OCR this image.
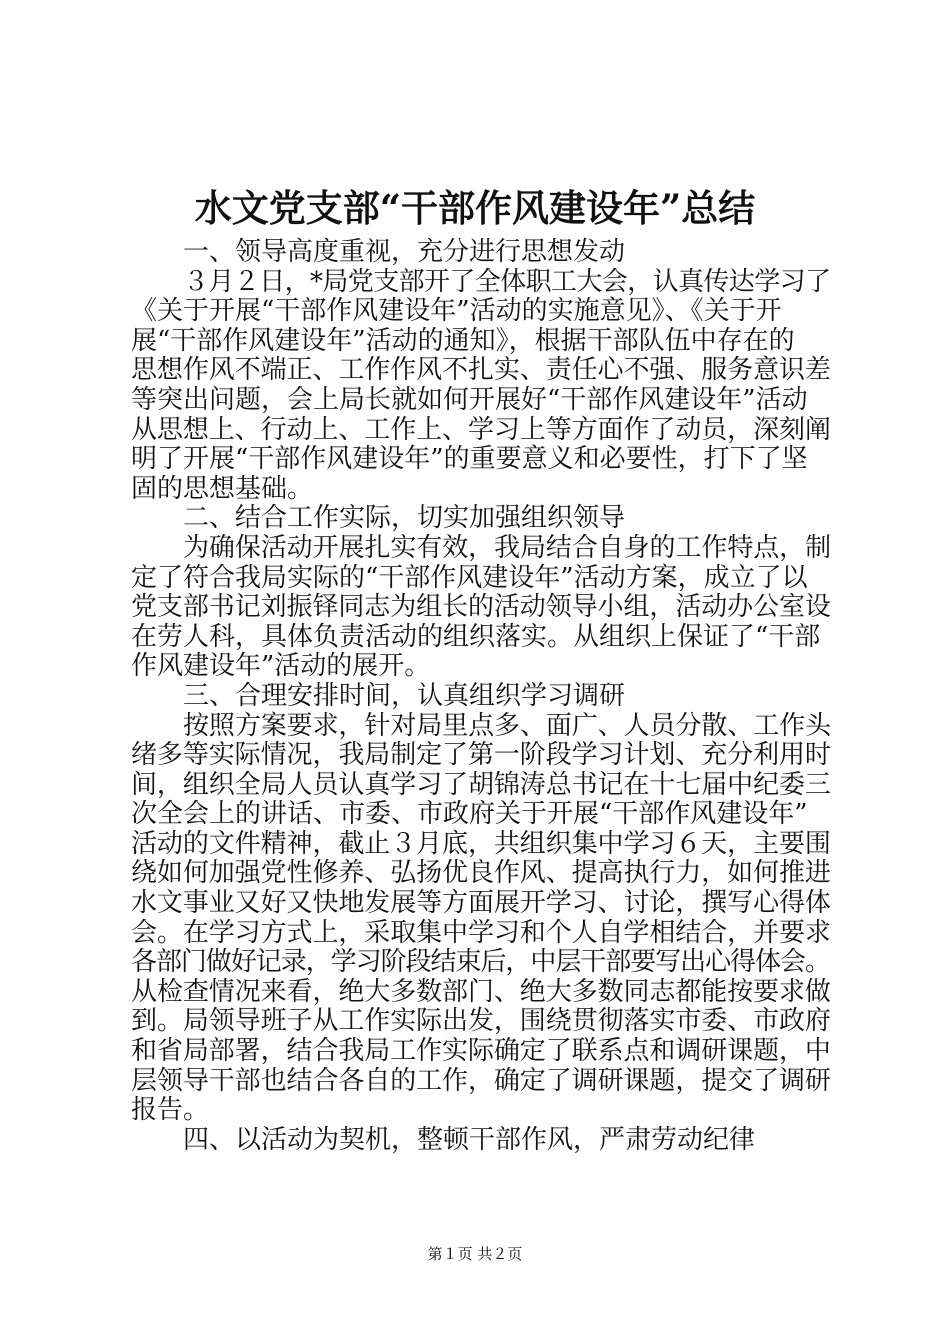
水文党支部“干部作风建设年”总结
一、领导高度重视，充分进行思想发动
３月２日，*局党支部开了全体职工大会，认真传达学习了
《关于开展“干部作风建设年”活动的实施意见》、《关于开
展“干部作风建设年”活动的通知》，根据干部队伍中存在的
思想作风不端正、工作作风不扎实、责任心不强、服务意识差
等突出问题，会上局长就如何开展好“干部作风建设年”活动
从思想上、行动上、工作上、学习上等方面作了动员，深刻阐
明了开展“干部作风建设年”的重要意义和必要性，打下了坚
固的思想基础。
二、结合工作实际，切实加强组织领导
为确保活动开展扎实有效，我局结合自身的工作特点，制
定了符合我局实际的“干部作风建设年”活动方案，成立了以
党支部书记刘振铎同志为组长的活动领导小组，活动办公室设
在劳人科，具体负责活动的组织落实。从组织上保证了“干部
作风建设年”活动的展开。
三、合理安排时间，认真组织学习调研
按照方案要求，针对局里点多、面广、人员分散、工作头
绪多等实际情况，我局制定了第一阶段学习计划、充分利用时
间，组织全局人员认真学习了胡锦涛总书记在十七届中纪委三
次全会上的讲话、市委、市政府关于开展“干部作风建设年”
活动的文件精神，截止３月底，共组织集中学习６天，主要围
绕如何加强党性修养、弘扬优良作风、提高执行力，如何推进
水文事业又好又快地发展等方面展开学习、讨论，撰写心得体
会。在学习方式上，采取集中学习和个人自学相结合，并要求
各部门做好记录，学习阶段结束后，中层干部要写出心得体会。
从检查情况来看，绝大多数部门、绝大多数同志都能按要求做
到。局领导班子从工作实际出发，围绕贯彻落实市委、市政府
和省局部署，结合我局工作实际确定了联系点和调研课题，中
层领导干部也结合各自的工作，确定了调研课题，提交了调研
报告。
四、以活动为契机，整顿干部作风，严肃劳动纪律
第１页 共２页
